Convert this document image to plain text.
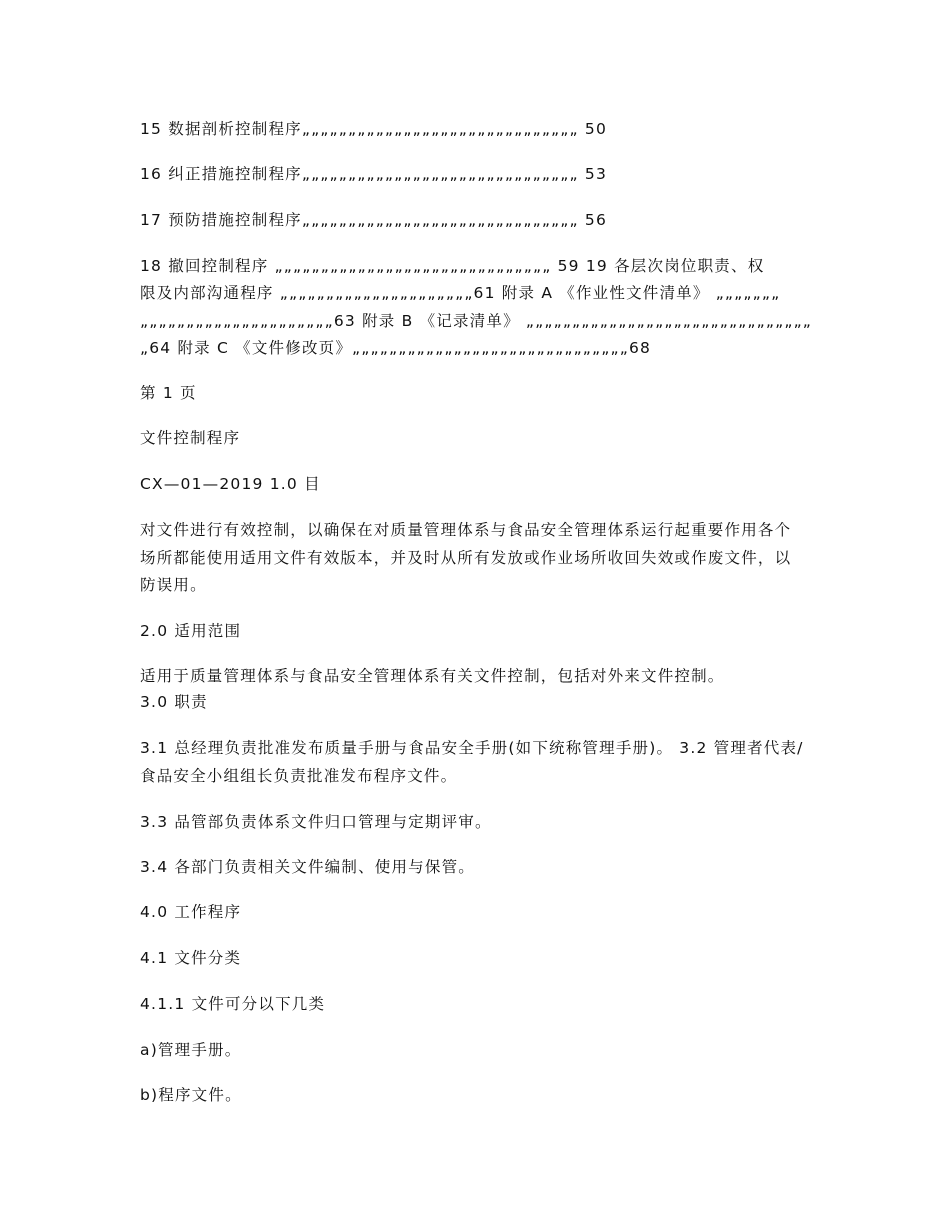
15 数据剖析控制程序„„„„„„„„„„„„„„„„„„„„„„„„„„„„„„ 50
16 纠正措施控制程序„„„„„„„„„„„„„„„„„„„„„„„„„„„„„„ 53
17 预防措施控制程序„„„„„„„„„„„„„„„„„„„„„„„„„„„„„„ 56
18 撤回控制程序 „„„„„„„„„„„„„„„„„„„„„„„„„„„„„„ 59 19 各层次岗位职责、权
限及内部沟通程序 „„„„„„„„„„„„„„„„„„„„„61 附录 A 《作业性文件清单》 „„„„„„„
„„„„„„„„„„„„„„„„„„„„„63 附录 B 《记录清单》 „„„„„„„„„„„„„„„„„„„„„„„„„„„„„„„
„64 附录 C 《文件修改页》„„„„„„„„„„„„„„„„„„„„„„„„„„„„„„68
第 1 页
文件控制程序
CX—01—2019 1.0 目
对文件进行有效控制，以确保在对质量管理体系与食品安全管理体系运行起重要作用各个场所都能使用适用文件有效版本，并及时从所有发放或作业场所收回失效或作废文件，以防误用。
2.0 适用范围
适用于质量管理体系与食品安全管理体系有关文件控制，包括对外来文件控制。
3.0 职责
3.1 总经理负责批准发布质量手册与食品安全手册(如下统称管理手册)。 3.2 管理者代表/食品安全小组组长负责批准发布程序文件。
3.3 品管部负责体系文件归口管理与定期评审。
3.4 各部门负责相关文件编制、使用与保管。
4.0 工作程序
4.1 文件分类
4.1.1 文件可分以下几类
a)管理手册。
b)程序文件。
